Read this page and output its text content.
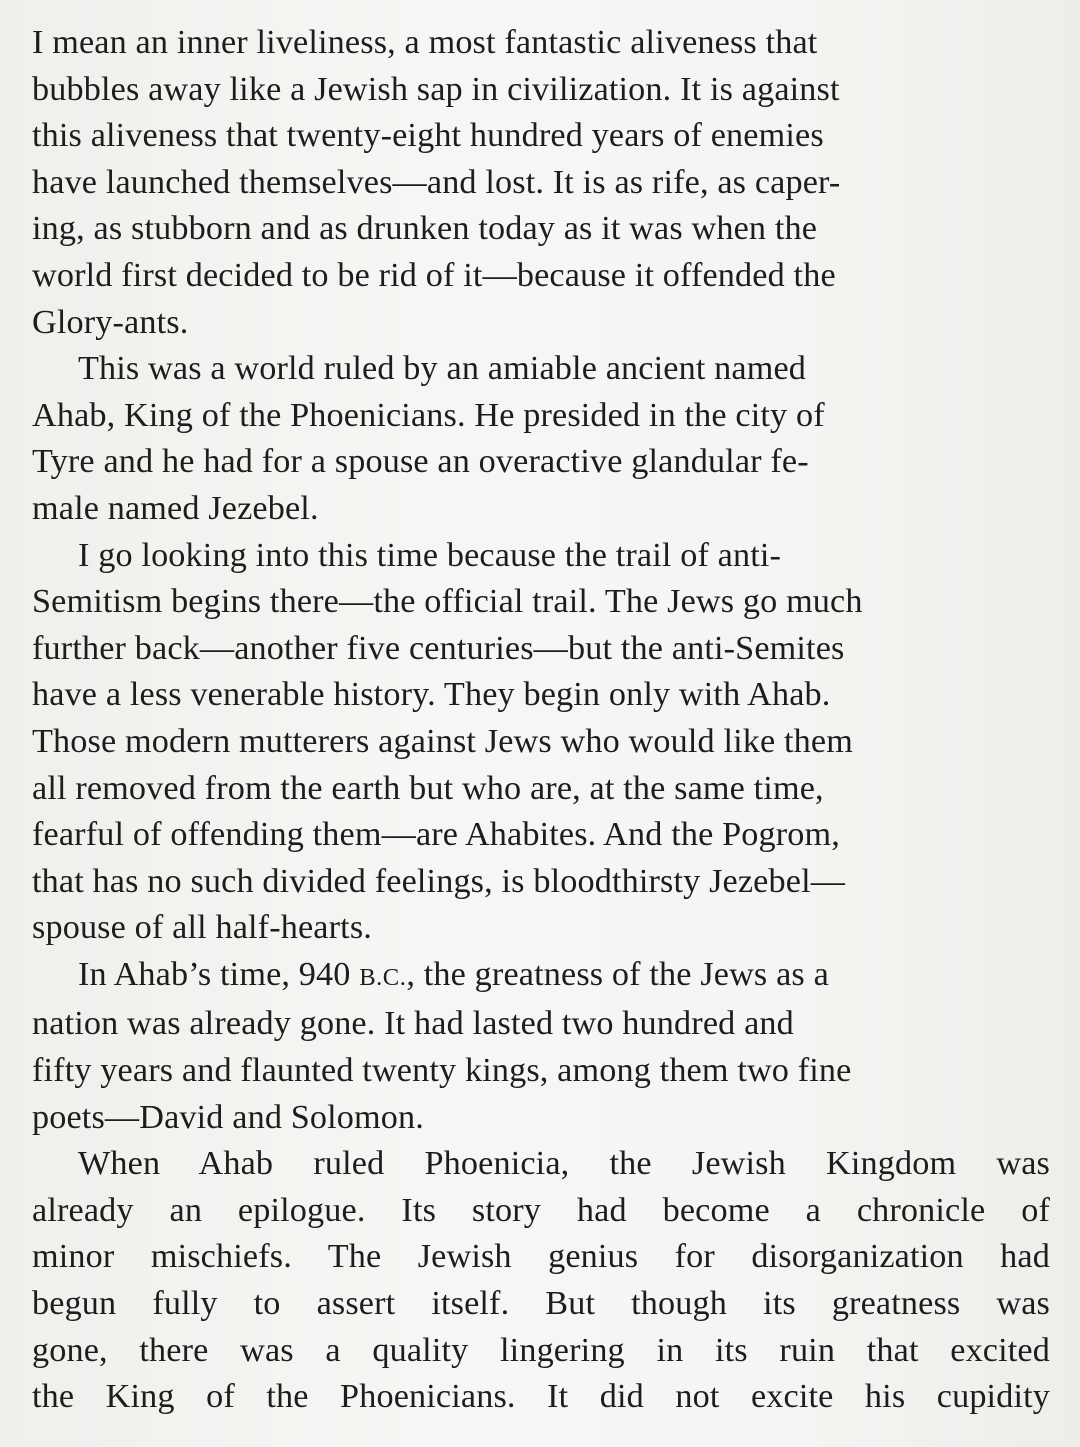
I mean an inner liveliness, a most fantastic aliveness that
bubbles away like a Jewish sap in civilization. It is against
this aliveness that twenty-eight hundred years of enemies
have launched themselves—and lost. It is as rife, as caper-
ing, as stubborn and as drunken today as it was when the
world first decided to be rid of it—because it offended the
Glory-ants.

This was a world ruled by an amiable ancient named
Ahab, King of the Phoenicians. He presided in the city of
Tyre and he had for a spouse an overactive glandular fe-
male named Jezebel.

I go looking into this time because the trail of anti-
Semitism begins there—the official trail. The Jews go much
further back—another five centuries—but the anti-Semites
have a less venerable history. They begin only with Ahab.
Those modern mutterers against Jews who would like them
all removed from the earth but who are, at the same time,
fearful of offending them—are Ahabites. And the Pogrom,
that has no such divided feelings, is bloodthirsty Jezebel—
spouse of all half-hearts.

In Ahab’s time, 940 B.C., the greatness of the Jews as a
nation was already gone. It had lasted two hundred and
fifty years and flaunted twenty kings, among them two fine
poets—David and Solomon.

When Ahab ruled Phoenicia, the Jewish Kingdom was
already an epilogue. Its story had become a chronicle of
minor mischiefs. The Jewish genius for disorganization had
begun fully to assert itself. But though its greatness was
gone, there was a quality lingering in its ruin that excited
the King of the Phoenicians. It did not excite his cupidity
